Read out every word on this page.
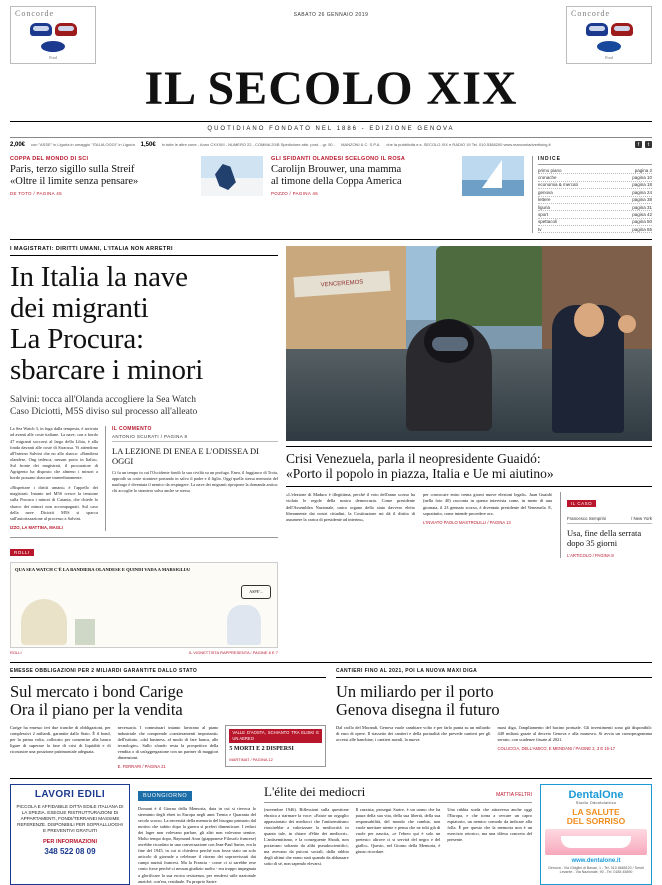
Concorde
Ford
SABATO 26 GENNAIO 2019	Concorde
Ford
IL SECOLO XIX
QUOTIDIANO FONDATO NEL 1886 - EDIZIONE GENOVA
2,00€ con "ASSE" in Liguria in omaggio "ITALIA OGGI" in Liguria 1,50€ in tutte le altre zone - Anno CXXXIII - NUMERO 22 - COMMA 20/B Spedizione abb. post. - gr. 50 - MANZONI & C. S.P.A. che la pubblicità e.s. SECOLO XIX e RADIO 19 Tel. 010.5388200 www.manzoniadvertising.it	f	t
COPPA DEL MONDO DI SCI
Paris, terzo sigillo sulla Streif
«Oltre il limite senza pensare»
DE TOTO / PAGINA 45
GLI SFIDANTI OLANDESI SCELGONO IL ROSA
Carolijn Brouwer, una mamma
al timone della Coppa America
POZZO / PAGINA 46
INDICE
primo piano	pagina 2
cronache	pagina 10
economia & mercati	pagina 18
genova	pagina 24
lettere	pagina 38
liguria	pagina 31
sport	pagina 42
spettacoli	pagina 50
tv	pagina 55
I MAGISTRATI: DIRITTI UMANI, L'ITALIA NON ARRETRI
In Italia la nave
dei migranti
La Procura:
sbarcare i minori
Salvini: tocca all'Olanda accogliere la Sea Watch
Caso Diciotti, M5S diviso sul processo all'alleato
La Sea Watch 3, in fuga dalla tempesta, è arrivata ad avanti alle coste italiane. La nave, con a bordo 47 migranti soccorsi al largo della Libia, è alla fonda davanti alle coste di Siracusa. Vi attendono all'Interno Salvini che no allo sbarco: «Bandiera olandese, Ong tedesca, nessun porto in Italia». Sul fronte dei magistrati, il procuratore di Agrigento ha disposto che almeno i minori a bordo possano sbarcare immediatamente.
«Rispettare i diritti umani» è l'appello dei magistrati. Intanto nel M5S cresce la tensione sulla Procura i minori di Catania, che chiede lo sbarco dei minori non accompagnati. Sul caso della nave Diciotti M5S si spacca sull'autorizzazione al processo a Salvini.
IZZO, LA MATTINA, MAGLI
IL COMMENTO
ANTONIO SCURATI / PAGINA 8
LA LEZIONE DI ENEA E L'ODISSEA DI OGGI
Ci fu un tempo in cui l'Occidente fondò la sua civiltà su un profugo. Enea, il fuggiasco di Troia, approdò su coste straniere portando in salvo il padre e il figlio. Oggi quella stessa memoria del naufrago è diventata il nemico da respingere. La nave dei migranti ripropone la domanda antica: chi accoglie lo straniero salva anche se stesso.
ROLLI
QUA SEA WATCH C'È LA BANDIERA OLANDESE E QUINDI VADA A MARSIGLIA!
ASPE'...
ROLLI	IL VIGNETTISTA RAPPRESENTA / PAGINE 6 E 7
VENCEREMOS
Crisi Venezuela, parla il neopresidente Guaidó:
«Porto il popolo in piazza, Italia e Ue mi aiutino»
«L'elezione di Maduro è illegittima, perché il voto dell'anno scorso ha violato le regole della nostra democrazia. Come presidente dell'Assemblea Nazionale, unico organo dello stato davvero eletto liberamente dai nostri cittadini, la Costituzione mi dà il diritto di assumere la carica di presidente ad interim»,
per convocare entro trenta giorni nuove elezioni legali». Juan Guaidó (nella foto 40) racconta in questa intervista come, in meno di una giornata, il 23 gennaio scorso, è diventato presidente del Venezuela. E, soprattutto, come intende procedere ora.
L'INVIATO PAOLO MASTROLILLI / PAGINA 13
IL CASO
Francesco Semprini	/ New York
Usa, fine della serrata dopo 35 giorni
L'ARTICOLO / PAGINA 8
EMESSE OBBLIGAZIONI PER 2 MILIARDI GARANTITE DALLO STATO
Sul mercato i bond Carige
Ora il piano per la vendita
Carige ha emesso ieri due tranche di obbligazioni, per complessivi 2 miliardi, garantite dallo Stato. È il bond, per la prima volta, collocato per consentire alla banca ligure di superare la fase di crisi di liquidità e di ricostruire una posizione patrimoniale adeguata.
necessaria. I commissari intanto lavorano al piano industriale che comprende «cantieramenti importanti» dell'istituto, «dal business, al modo di fare banca, alle tecnologie». Sullo sfondo resta la prospettiva della vendita o di un'aggregazione con un partner di maggiori dimensioni.
E. FERRARI / PAGINA 21
VALLE D'AOSTA, SCHIANTO TRA ELISKI E UN AEREO
5 MORTI E 2 DISPERSI
MARTINAT / PAGINA 12
CANTIERI FINO AL 2021, POI LA NUOVA MAXI DIGA
Un miliardo per il porto
Genova disegna il futuro
Dal crollo del Morandi, Genova vuole cambiare volto e per farlo punta su un miliardo di euro di opere. Il riassetto dei cantieri e della portualità che prevede cantieri per gli accessi alle banchine, i cantieri navali, la nuova
maxi diga, l'ampliamento del bacino portuale. Gli investimenti sono già disponibili: 449 milioni grazie al decreto Genova e alla manovra. Si avvia un cronoprogramma serrato, con scadenze fissate al 2021.
COLUCCIA, DELL'AMICO, E MENDANI / PAGINE 2, 3 E 15-17
LAVORI EDILI
PICCOLA E AFFIDABILE DITTA EDILE ITALIANA DI LA SPEZIA. ESEGUE RISTRUTTURAZIONI DI APPARTAMENTI, FONDI/TERRANEI MASSIME REFERENZE. DISPONIBILI PER SOPRALLUOGHI E PREVENTIVI GRATUITI
PER INFORMAZIONI
348 522 08 09
BUONGIORNO
Domani è il Giorno della Memoria, data in cui si rievoca lo sterminio degli ebrei in Europa negli anni Trenta e Quaranta del secolo scorso. La necessità della memoria del bisogno primario dal motivo che subito dopo la guerra si preferì dimenticare. I reduci dei lager non volevano parlare, gli altri non volevano sentire. Molto tempo dopo, Raymond Aron (giapponese Filosofo francese) avrebbe ricordato in una conversazione con Jean-Paul Sartre, era la fine del 1945, in cui si chiedeva perché non fosse stato un solo articolo di giornale a celebrare il ritorno dei sopravvissuti dai campi nazisti francesi. Ma la Francia - come ci si sarebbe rese conto forse perché ci nessun giudizio molto - era troppo impegnata a glorificare la sua eroica resistenza, per rendersi utile nazionale anziché, con'era, residuale. Fu proprio Sartre
L'élite dei mediocri	MATTIA FELTRI
(novembre 1946). Riflessioni sulla questione ebraica a riarmare la voce: «Esiste un orgoglio appassionato dei mediocri che l'antisemitismo riuscirebbe a valorizzare la mediocrità in quanto tale, in chiave d'élite dei mediocri». L'antisemitismo, e la conseguente Shoah, non portavano soltanto da alibi pseudoscientifici, ma avevano da psicosi sociali, dalla rabbia degli ultimi che erano stati quando da abbassare sotto di sé, non sapendo elevarsi.
Il razzista, prosegui Sartre, è un uomo che ha paura della sua vita, della sua libertà, della sua responsabilità, del mondo che cambia, non vuole meritare niente e pensa che ne tolti già di vuole per nascita, «e l'ebreo qui è solo un pretesto: altrove ci si servirà del negro e del giallo». Questo, nel Giorno della Memoria, è giusto ricordare.
Una rabbia sorda che attraversa anche oggi l'Europa, e che torna a cercare un capro espiatorio, un nemico comodo da indicare alla folla. È per questo che la memoria non è un esercizio retorico, ma una difesa concreta del presente.
DentalOne
Studio Odontoiatrico
LA SALUTE
DEL SORRISO
www.dentalone.it
Genova - Via Ghiglini di Bavari, 1 - Tel. 010 8685120 / Sestri Levante - Via Nazionale, 90 - Tel. 0185 45890
